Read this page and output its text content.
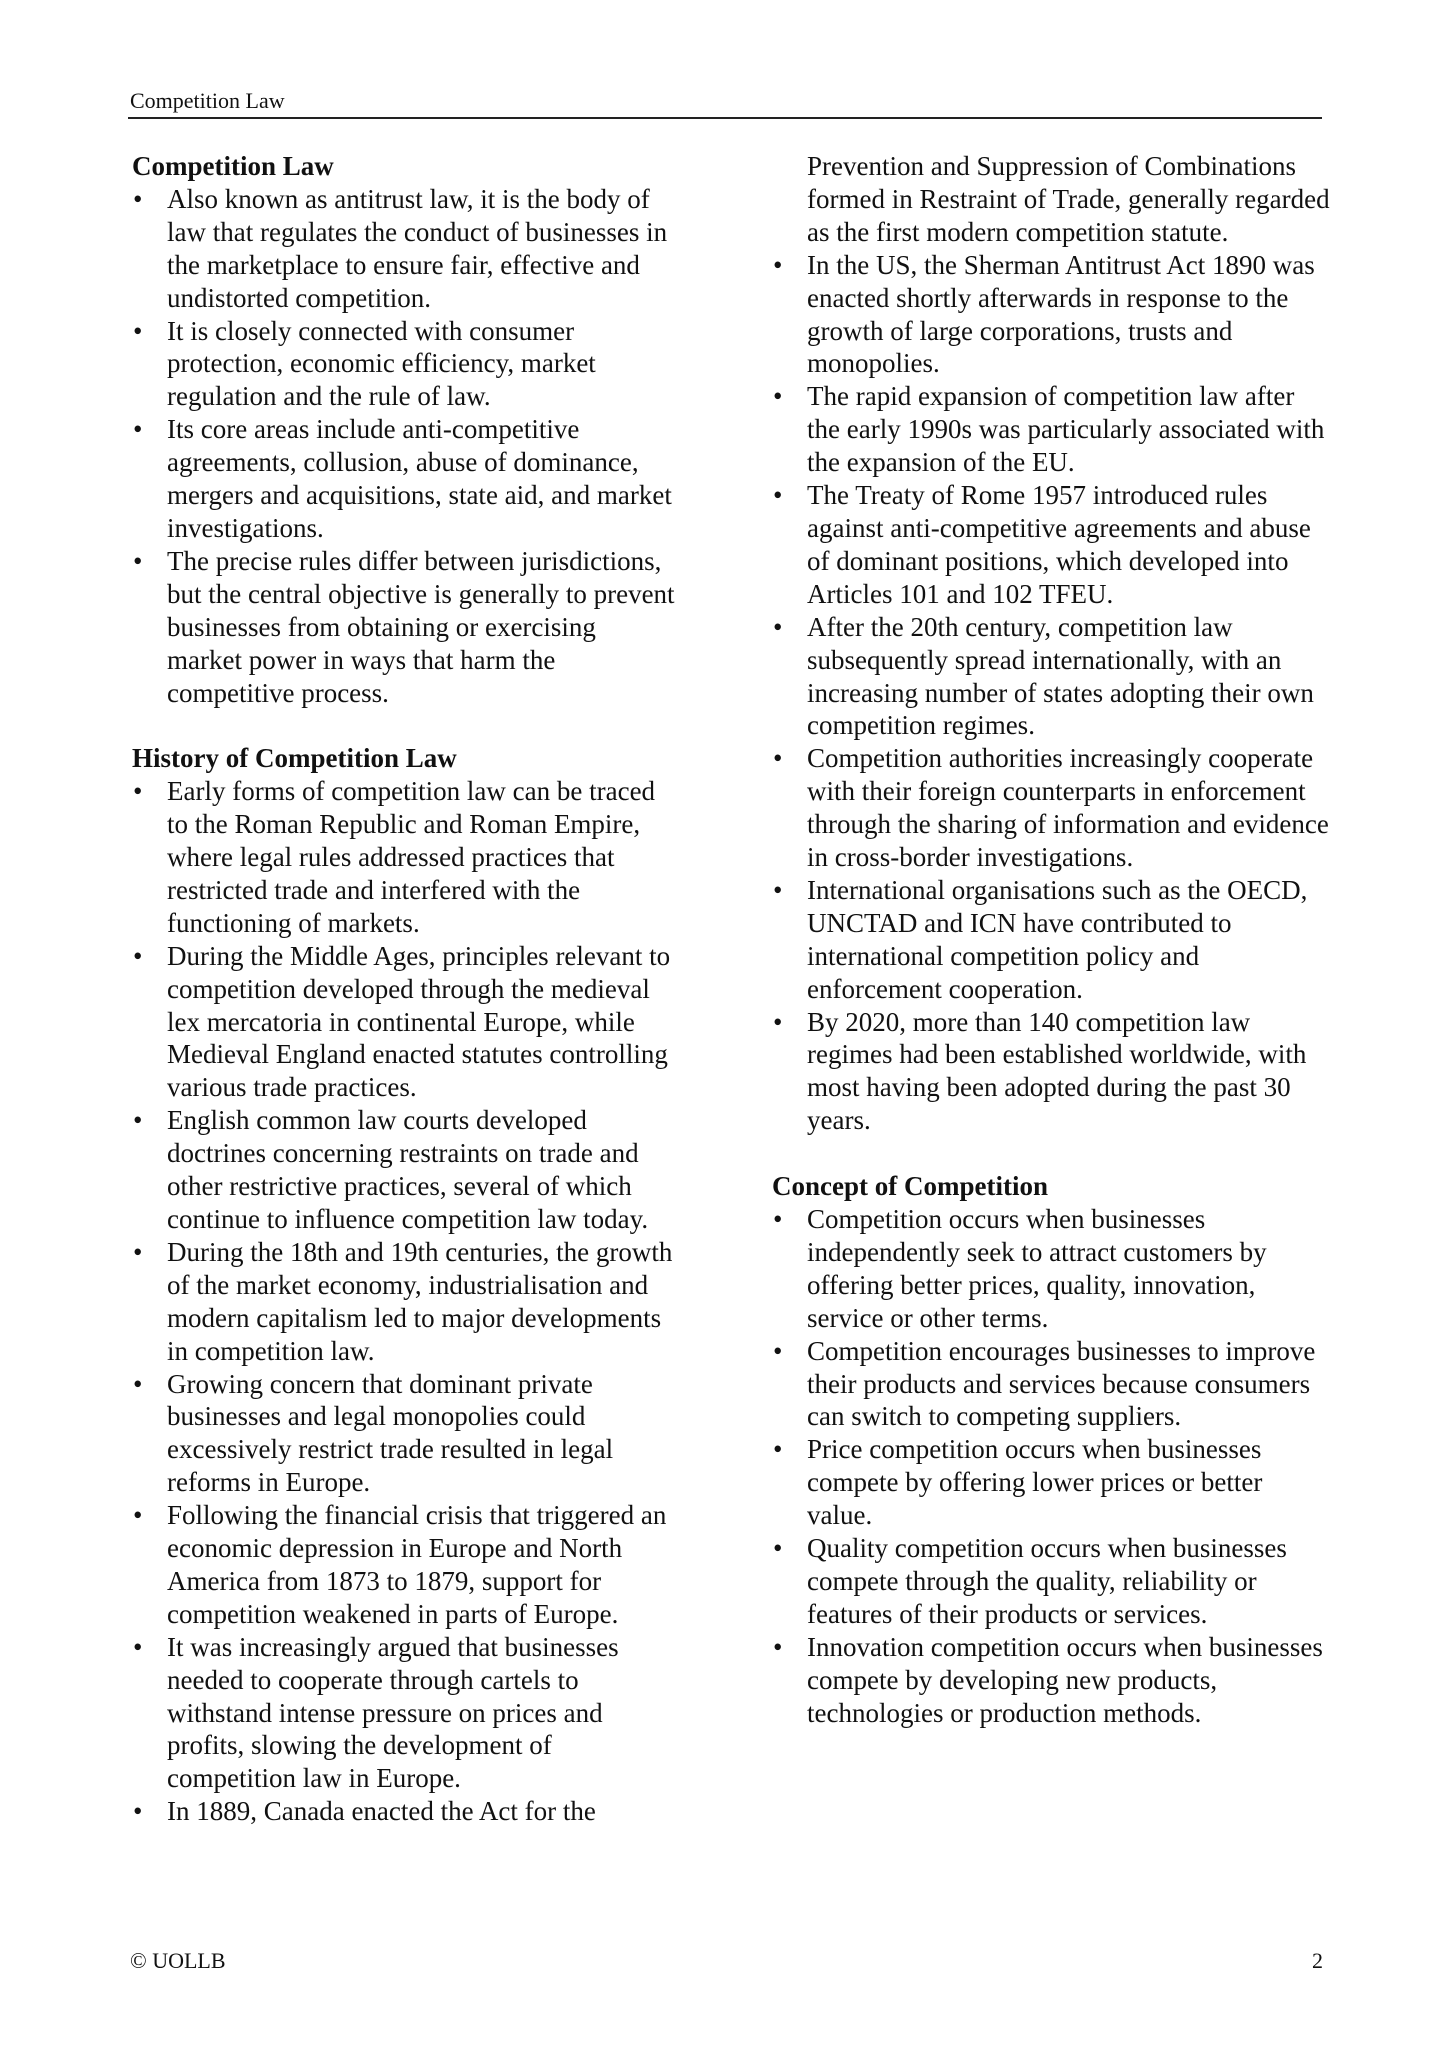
Competition Law

Competition Law

• Also known as antitrust law, it is the body of law that regulates the conduct of businesses in the marketplace to ensure fair, effective and undistorted competition.
• It is closely connected with consumer protection, economic efficiency, market regulation and the rule of law.
• Its core areas include anti-competitive agreements, collusion, abuse of dominance, mergers and acquisitions, state aid, and market investigations.
• The precise rules differ between jurisdictions, but the central objective is generally to prevent businesses from obtaining or exercising market power in ways that harm the competitive process.

History of Competition Law

• Early forms of competition law can be traced to the Roman Republic and Roman Empire, where legal rules addressed practices that restricted trade and interfered with the functioning of markets.
• During the Middle Ages, principles relevant to competition developed through the medieval lex mercatoria in continental Europe, while Medieval England enacted statutes controlling various trade practices.
• English common law courts developed doctrines concerning restraints on trade and other restrictive practices, several of which continue to influence competition law today.
• During the 18th and 19th centuries, the growth of the market economy, industrialisation and modern capitalism led to major developments in competition law.
• Growing concern that dominant private businesses and legal monopolies could excessively restrict trade resulted in legal reforms in Europe.
• Following the financial crisis that triggered an economic depression in Europe and North America from 1873 to 1879, support for competition weakened in parts of Europe.
• It was increasingly argued that businesses needed to cooperate through cartels to withstand intense pressure on prices and profits, slowing the development of competition law in Europe.
• In 1889, Canada enacted the Act for the
Prevention and Suppression of Combinations formed in Restraint of Trade, generally regarded as the first modern competition statute.
• In the US, the Sherman Antitrust Act 1890 was enacted shortly afterwards in response to the growth of large corporations, trusts and monopolies.
• The rapid expansion of competition law after the early 1990s was particularly associated with the expansion of the EU.
• The Treaty of Rome 1957 introduced rules against anti-competitive agreements and abuse of dominant positions, which developed into Articles 101 and 102 TFEU.
• After the 20th century, competition law subsequently spread internationally, with an increasing number of states adopting their own competition regimes.
• Competition authorities increasingly cooperate with their foreign counterparts in enforcement through the sharing of information and evidence in cross-border investigations.
• International organisations such as the OECD, UNCTAD and ICN have contributed to international competition policy and enforcement cooperation.
• By 2020, more than 140 competition law regimes had been established worldwide, with most having been adopted during the past 30 years.

Concept of Competition

• Competition occurs when businesses independently seek to attract customers by offering better prices, quality, innovation, service or other terms.
• Competition encourages businesses to improve their products and services because consumers can switch to competing suppliers.
• Price competition occurs when businesses compete by offering lower prices or better value.
• Quality competition occurs when businesses compete through the quality, reliability or features of their products or services.
• Innovation competition occurs when businesses compete by developing new products, technologies or production methods.
© UOLLB	2
